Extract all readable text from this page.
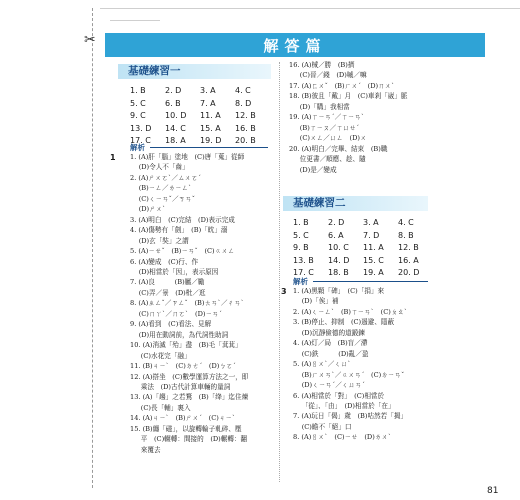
✂	解答篇
基礎練習一
1. B	2. D	3. A	4. C
5. C	6. B	7. A	8. D
9. C	10. D	11. A	12. B
13. D	14. C	15. A	16. B
17. C	18. A	19. D	20. B
解析
1 1. (A)肝「腦」塗地　(C)唐「蒐」從師
　 (D)令人不「齒」
2. (A)ㄕㄨㄛˋ／ㄙㄨㄛˊ
　 (B)ㄧㄥ／ㄌㄧㄥˋ
　 (C)ㄑㄧㄢˇ／ㄎㄢˇ
　 (D)ㄕㄨˋ
3. (A)明白　(C)完結　(D)表示完成
4. (A)傷勢有「劍」　(B)「眈」溺
　 (D)玄「奘」之謂
5. (A)ㄧㄝˇ　(B)ㄧㄢˇ　(C)ㄍㄨㄥ
6. (A)變成　(C)行、作
　 (D)相當於「因」，表示原因
7. (A)良　　　(B)屬／勵
　 (C)弄／景　(D)枇／逛
8. (A)ㄓㄥˇ／ㄗㄥˇ　(B)ㄊㄢˋ／ㄔㄢˋ
　 (C)ㄇㄚˋ／ㄇㄛˋ　(D)ㄧㄢˊ
9. (A)看到　(C)看法、見解
　 (D)用在動詞前，為代詞性助詞
10. (A)消滅「殆」盡　(B)毛「萁萁」
　  (C)水花完「融」
11. (B)ㄐㄧˋ　(C)ㄉㄜˊ　(D)ㄅㄛˊ
12. (A)搭坐　(C)數學運算方法之一，即
　  乘法　(D)古代計算車輛的量詞
13. (A)「趨」之若鶩　(B)「绛」迄住煉
　  (C)長「輔」裏入
14. (A)ㄐㄧˋ　(B)ㄕㄨˊ　(C)ㄐㄧˋ
15. (B)纏「磁」，以旋轉輪子軋碎、壓
　  平　(C)輾轉：間接的　(D)輾轉：翻
　  來覆去
16. (A)械／勝　(B)擠
　  (C)晉／錢　(D)嘁／嘛
17. (A)ㄈㄨˇ　(B)ㄏㄨˊ　(D)ㄇㄨˋ
18. (B)彼且「戴」月　(C)車剎「崴」脈
　  (D)「購」我相當
19. (A)ㄒㄧㄢˊ／ㄒㄧㄢˋ
　  (B)ㄒㄧㄡ／ㄒㄩㄝˊ
　  (C)ㄨㄥ／ㄩㄥ　(D)ㄨ
20. (A)明白／完畢、結束　(B)職
　  位更書／順應、趁、隨
　  (D)是／變成
基礎練習二
1. B	2. D	3. A	4. C
5. C	6. A	7. D	8. B
9. B	10. C	11. A	12. B
13. B	14. D	15. C	16. A
17. C	18. B	19. A	20. D
解析
3 1. (A)黑顆「碑」　(C)「捐」來
　 (D)「俟」補
2. (A)ㄑㄧㄥˋ　(B)ㄒㄧㄢˋ　(C)ㄆㄠˋ
3. (B)停止、抑制　(C)遏避、隱蔽
　 (D)沉靜儉德的道鍛鍊
4. (A)灯／局　(B)盲／滯
　 (C)鉄　　　(D)亂／盈
5. (A)ㄖㄨˋ／ㄑㄩˋ
　 (B)ㄏㄨㄢˋ／ㄍㄨㄢˊ　(C)ㄉㄧㄢˇ
　 (D)ㄑㄧㄢˊ／ㄑㄩㄢˊ
6. (A)相當於「對」　(C)相當於
　 「從」、「由」　(D)相當於「在」
7. (A)玩日「偈」歲　(B)咕然若「揭」
　 (C)瞻不「絕」口
8. (A)ㄖㄨˋ　(C)ㄧㄝ　(D)ㄌㄨˋ
81
